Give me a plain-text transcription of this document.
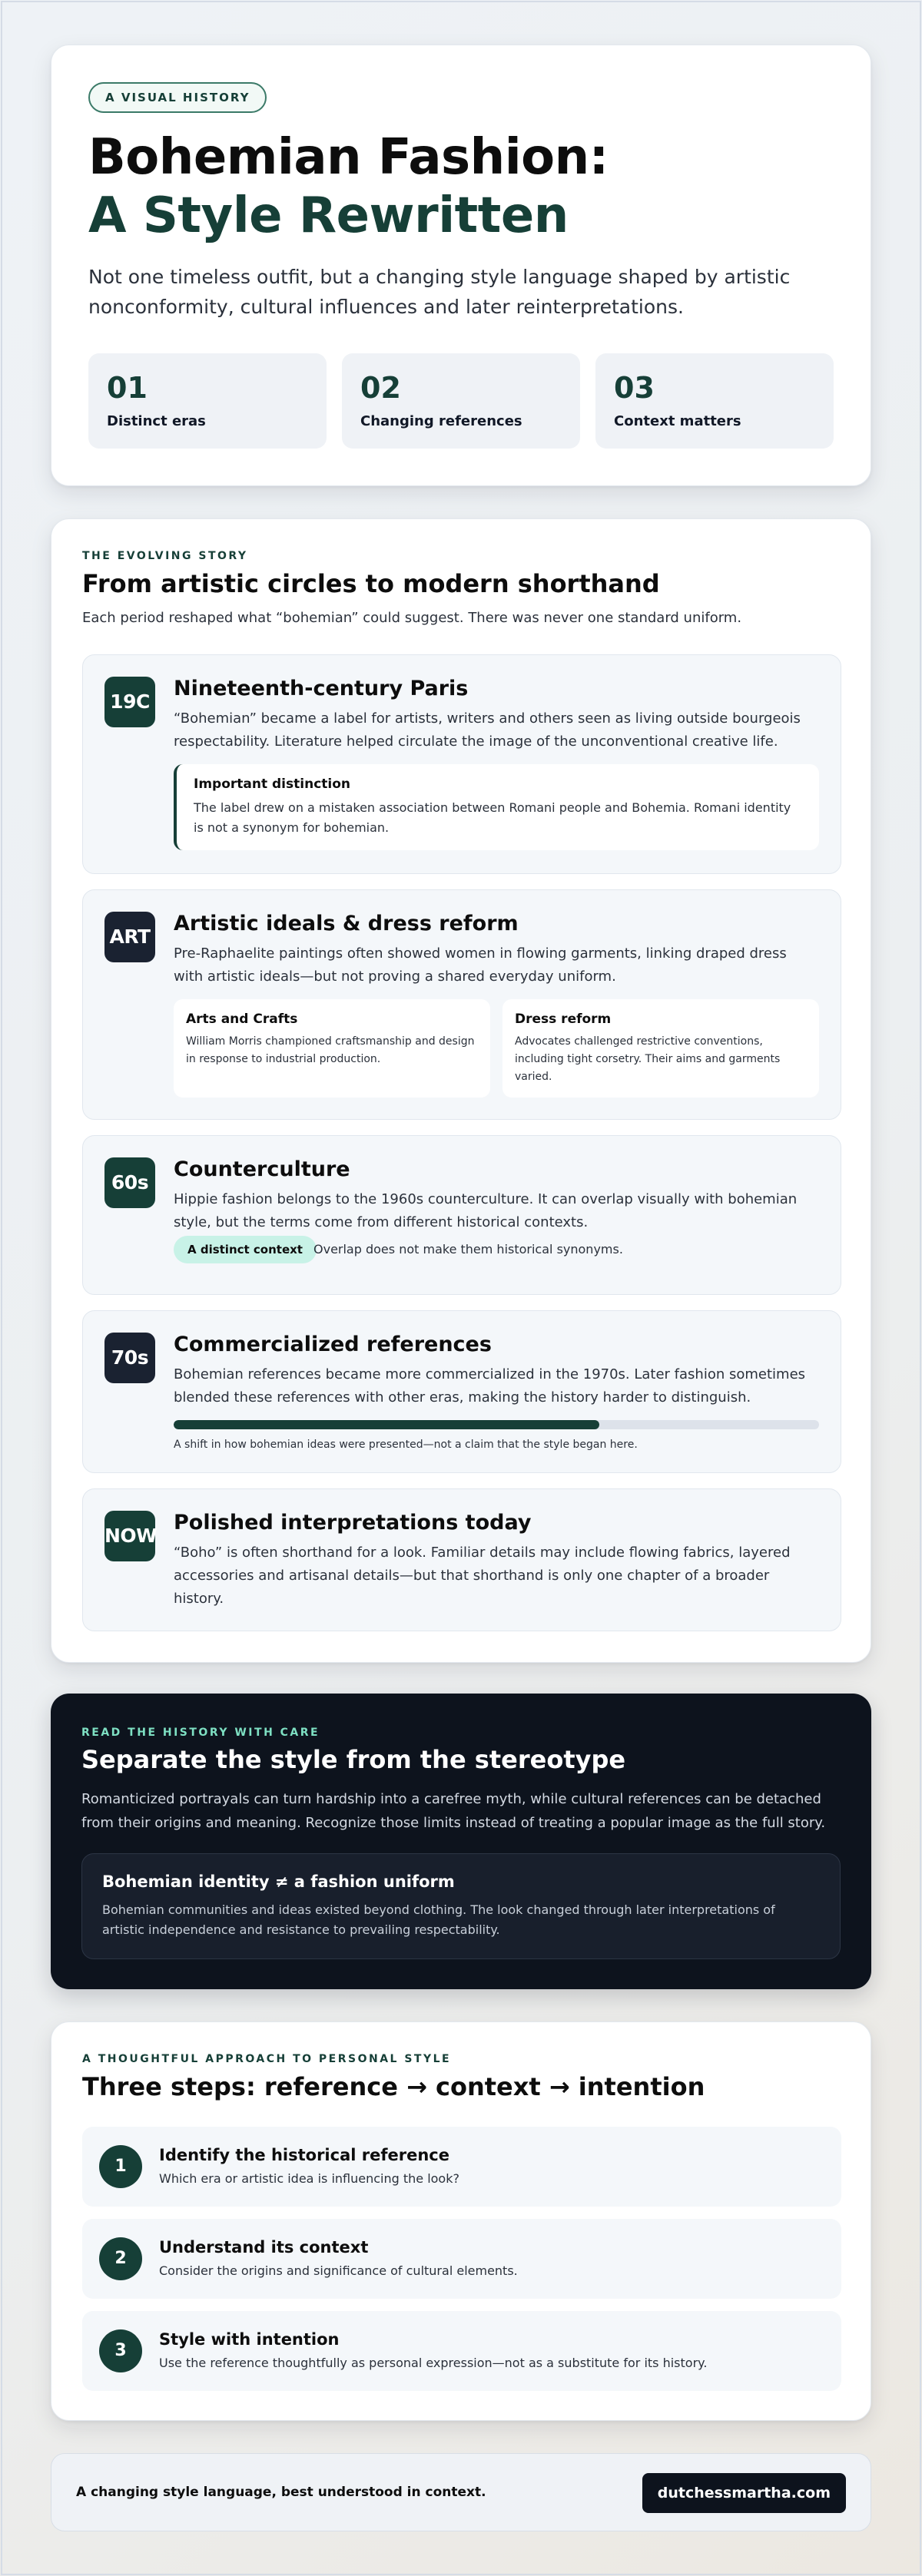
A VISUAL HISTORY
Bohemian Fashion:
A Style Rewritten

Not one timeless outfit, but a changing style language shaped by artistic nonconformity, cultural influences and later reinterpretations.

01
Distinct eras
02
Changing references
03
Context matters
THE EVOLVING STORY
From artistic circles to modern shorthand

Each period reshaped what “bohemian” could suggest. There was never one standard uniform.

19C
Nineteenth-century Paris

“Bohemian” became a label for artists, writers and others seen as living outside bourgeois respectability. Literature helped circulate the image of the unconventional creative life.

Important distinction
The label drew on a mistaken association between Romani people and Bohemia. Romani identity is not a synonym for bohemian.
ART
Artistic ideals & dress reform

Pre-Raphaelite paintings often showed women in flowing garments, linking draped dress with artistic ideals—but not proving a shared everyday uniform.

Arts and Crafts
William Morris championed craftsmanship and design in response to industrial production.
Dress reform
Advocates challenged restrictive conventions, including tight corsetry. Their aims and garments varied.
60s
Counterculture

Hippie fashion belongs to the 1960s counterculture. It can overlap visually with bohemian style, but the terms come from different historical contexts.

A distinct context Overlap does not make them historical synonyms.
70s
Commercialized references

Bohemian references became more commercialized in the 1970s. Later fashion sometimes blended these references with other eras, making the history harder to distinguish.

A shift in how bohemian ideas were presented—not a claim that the style began here.
NOW
Polished interpretations today

“Boho” is often shorthand for a look. Familiar details may include flowing fabrics, layered accessories and artisanal details—but that shorthand is only one chapter of a broader history.

READ THE HISTORY WITH CARE
Separate the style from the stereotype

Romanticized portrayals can turn hardship into a carefree myth, while cultural references can be detached from their origins and meaning. Recognize those limits instead of treating a popular image as the full story.

Bohemian identity ≠ a fashion uniform
Bohemian communities and ideas existed beyond clothing. The look changed through later interpretations of artistic independence and resistance to prevailing respectability.
A THOUGHTFUL APPROACH TO PERSONAL STYLE
Three steps: reference → context → intention
1
Identify the historical reference
Which era or artistic idea is influencing the look?
2
Understand its context
Consider the origins and significance of cultural elements.
3
Style with intention
Use the reference thoughtfully as personal expression—not as a substitute for its history.
A changing style language, best understood in context.	dutchessmartha.com
